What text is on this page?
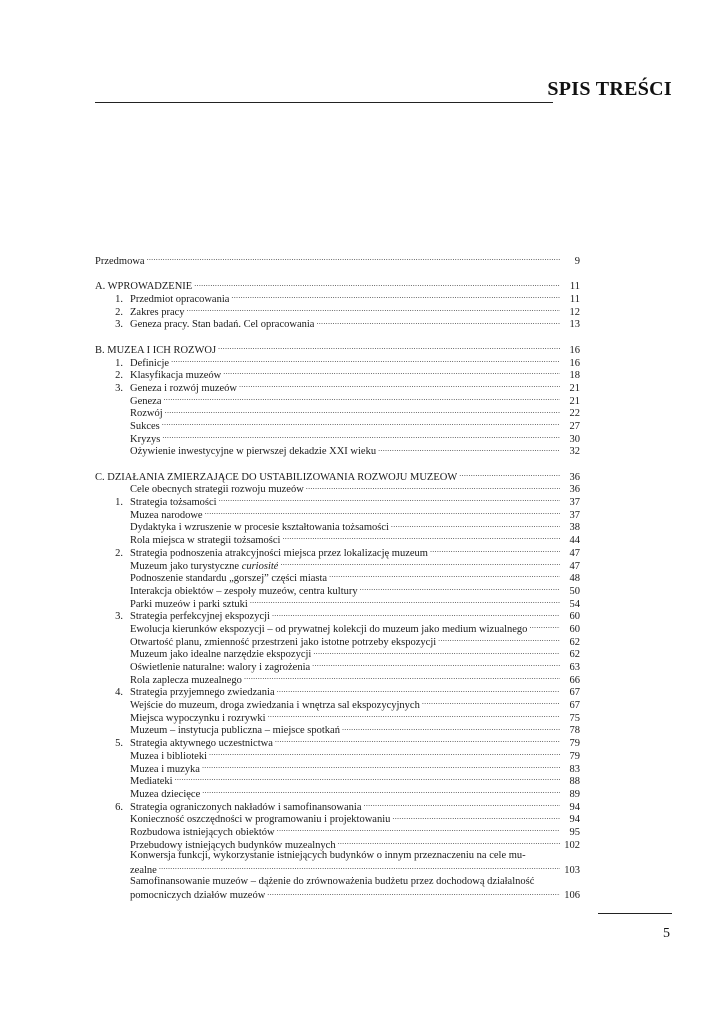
SPIS TREŚCI
Przedmowa .....	9
A. WPROWADZENIE .....	11
1. Przedmiot opracowania .....	11
2. Zakres pracy .....	12
3. Geneza pracy. Stan badań. Cel opracowania .....	13
B. MUZEA I ICH ROZWÓJ .....	16
1. Definicje .....	16
2. Klasyfikacja muzeów .....	18
3. Geneza i rozwój muzeów .....	21
Geneza .....	21
Rozwój .....	22
Sukces .....	27
Kryzys .....	30
Ożywienie inwestycyjne w pierwszej dekadzie XXI wieku .....	32
C. DZIAŁANIA ZMIERZAJĄCE DO USTABILIZOWANIA ROZWOJU MUZEÓW .....	36
Cele obecnych strategii rozwoju muzeów .....	36
1. Strategia tożsamości .....	37
Muzea narodowe .....	37
Dydaktyka i wzruszenie w procesie kształtowania tożsamości .....	38
Rola miejsca w strategii tożsamości .....	44
2. Strategia podnoszenia atrakcyjności miejsca przez lokalizację muzeum .....	47
Muzeum jako turystyczne curiosité .....	47
Podnoszenie standardu „gorszej” części miasta .....	48
Interakcja obiektów – zespoły muzeów, centra kultury .....	50
Parki muzeów i parki sztuki .....	54
3. Strategia perfekcyjnej ekspozycji .....	60
Ewolucja kierunków ekspozycji – od prywatnej kolekcji do muzeum jako medium wizualnego .....	60
Otwartość planu, zmienność przestrzeni jako istotne potrzeby ekspozycji .....	62
Muzeum jako idealne narzędzie ekspozycji .....	62
Oświetlenie naturalne: walory i zagrożenia .....	63
Rola zaplecza muzealnego .....	66
4. Strategia przyjemnego zwiedzania .....	67
Wejście do muzeum, droga zwiedzania i wnętrza sal ekspozycyjnych .....	67
Miejsca wypoczynku i rozrywki .....	75
Muzeum – instytucja publiczna – miejsce spotkań .....	78
5. Strategia aktywnego uczestnictwa .....	79
Muzea i biblioteki .....	79
Muzea i muzyka .....	83
Mediateki .....	88
Muzea dziecięce .....	89
6. Strategia ograniczonych nakładów i samofinansowania .....	94
Konieczność oszczędności w programowaniu i projektowaniu .....	94
Rozbudowa istniejących obiektów .....	95
Przebudowy istniejących budynków muzealnych .....	102
Konwersja funkcji, wykorzystanie istniejących budynków o innym przeznaczeniu na cele mu-
zealne .....	103
Samofinansowanie muzeów – dążenie do zrównoważenia budżetu przez dochodową działalność
pomocniczych działów muzeów .....	106
5
